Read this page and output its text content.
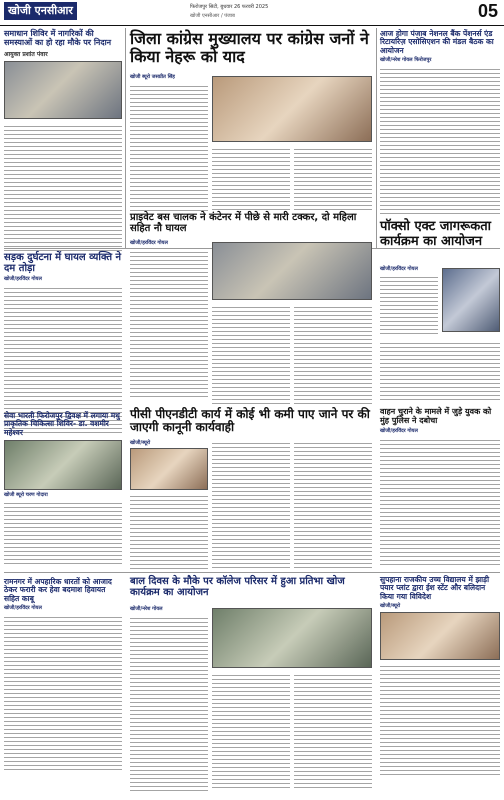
खोजी एनसीआर	फिरोजपुर सिटी, बुधवार 26 फरवरी 2025
खोजी एनसीआर / पंजाब	05
समाधान शिविर में नागरिकों की समस्याओं का हो रहा मौके पर निदान
आयुक्त प्रशांत पंवार
जिला कांग्रेस मुख्यालय पर कांग्रेस जनों ने किया नेहरू को याद
खोजी ब्यूरो जसप्रीत सिंह
आज होगा पंजाब नेशनल बैंक पेंशनर्स एंड रिटायरिज़ एसोसिएशन की मंडल बैठक का आयोजन
खोजी/नरेश गोयल फिरोजपुर
सड़क दुर्घटना में घायल व्यक्ति ने दम तोड़ा
खोजी/हरविंदर गोयल
प्राइवेट बस चालक ने कंटेनर में पीछे से मारी टक्कर, दो महिला सहित नौ घायल
खोजी/हरविंदर गोयल
पॉक्सो एक्ट जागरूकता कार्यक्रम का आयोजन
खोजी/हरविंदर गोयल
सेवा भारती फिरोजपुर द्विवक्ष में लगाया मधु प्राकृतिक चिकित्सा शिविर- डा. वशमीर महेश्वर
खोजी ब्यूरो चरण गोदारा
पीसी पीएनडीटी कार्य में कोई भी कमी पाए जाने पर की जाएगी कानूनी कार्यवाही
खोजी/ब्यूरो
वाहन चुराने के मामले में जुड़े युवक को मुंह पुलिस ने दबोचा
खोजी/हरविंदर गोयल
रामनगर में अपहारिक धारतों को आजाद ठेकर फरारी कर हेवा बदमाश हिवायत सहित काबू
खोजी/हरविंदर गोयल
बाल दिवस के मौके पर कॉलेज परिसर में हुआ प्रतिभा खोज कार्यक्रम का आयोजन
खोजी/नरेश गोयल
सुपहाना राजकीय उच्च विद्यालय में झाड़ी पयार प्लांट द्वारा ईश स्टेंट और बलिदान किया गया विविदेश
खोजी/ब्यूरो
